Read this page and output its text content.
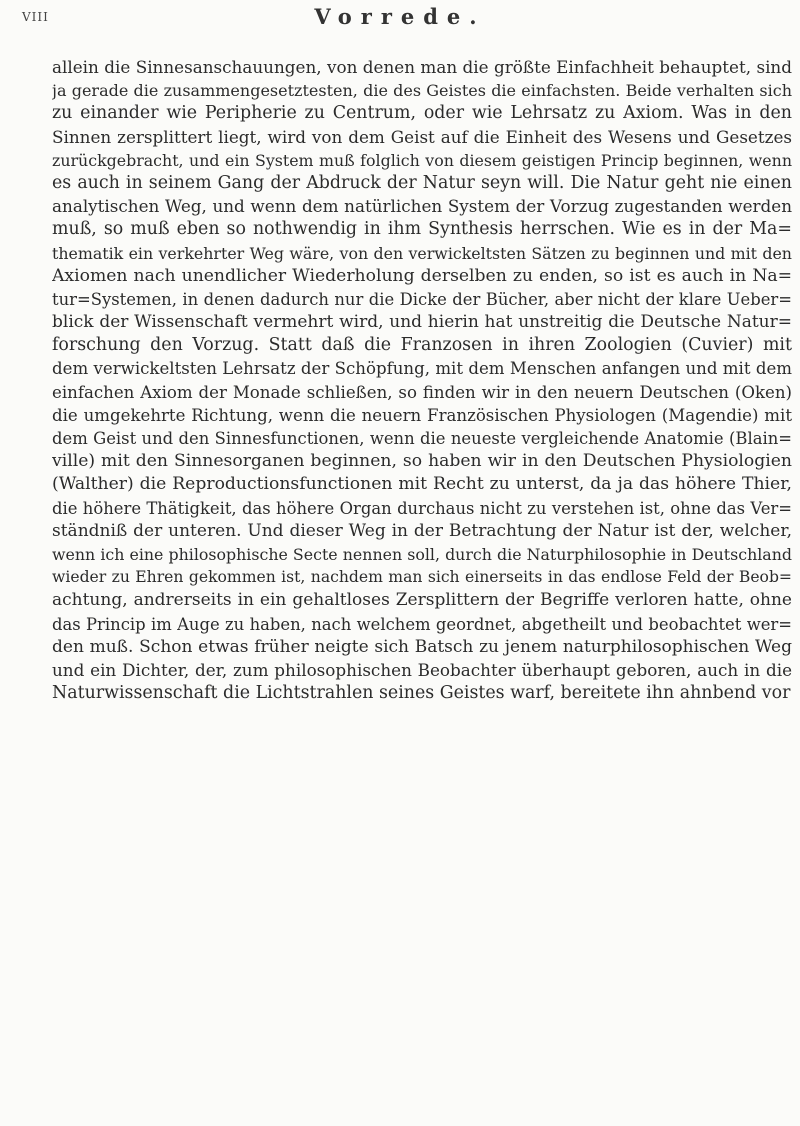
VIII	Vorrede.
allein die Sinnesanschauungen, von denen man die größte Einfachheit behauptet, sind
ja gerade die zusammengesetztesten, die des Geistes die einfachsten. Beide verhalten sich
zu einander wie Peripherie zu Centrum, oder wie Lehrsatz zu Axiom. Was in den
Sinnen zersplittert liegt, wird von dem Geist auf die Einheit des Wesens und Gesetzes
zurückgebracht, und ein System muß folglich von diesem geistigen Princip beginnen, wenn
es auch in seinem Gang der Abdruck der Natur seyn will. Die Natur geht nie einen
analytischen Weg, und wenn dem natürlichen System der Vorzug zugestanden werden
muß, so muß eben so nothwendig in ihm Synthesis herrschen. Wie es in der Ma=
thematik ein verkehrter Weg wäre, von den verwickeltsten Sätzen zu beginnen und mit den
Axiomen nach unendlicher Wiederholung derselben zu enden, so ist es auch in Na=
tur=Systemen, in denen dadurch nur die Dicke der Bücher, aber nicht der klare Ueber=
blick der Wissenschaft vermehrt wird, und hierin hat unstreitig die Deutsche Natur=
forschung den Vorzug. Statt daß die Franzosen in ihren Zoologien (Cuvier) mit
dem verwickeltsten Lehrsatz der Schöpfung, mit dem Menschen anfangen und mit dem
einfachen Axiom der Monade schließen, so finden wir in den neuern Deutschen (Oken)
die umgekehrte Richtung, wenn die neuern Französischen Physiologen (Magendie) mit
dem Geist und den Sinnesfunctionen, wenn die neueste vergleichende Anatomie (Blain=
ville) mit den Sinnesorganen beginnen, so haben wir in den Deutschen Physiologien
(Walther) die Reproductionsfunctionen mit Recht zu unterst, da ja das höhere Thier,
die höhere Thätigkeit, das höhere Organ durchaus nicht zu verstehen ist, ohne das Ver=
ständniß der unteren. Und dieser Weg in der Betrachtung der Natur ist der, welcher,
wenn ich eine philosophische Secte nennen soll, durch die Naturphilosophie in Deutschland
wieder zu Ehren gekommen ist, nachdem man sich einerseits in das endlose Feld der Beob=
achtung, andrerseits in ein gehaltloses Zersplittern der Begriffe verloren hatte, ohne
das Princip im Auge zu haben, nach welchem geordnet, abgetheilt und beobachtet wer=
den muß. Schon etwas früher neigte sich Batsch zu jenem naturphilosophischen Weg
und ein Dichter, der, zum philosophischen Beobachter überhaupt geboren, auch in die
Naturwissenschaft die Lichtstrahlen seines Geistes warf, bereitete ihn ahnbend vor
